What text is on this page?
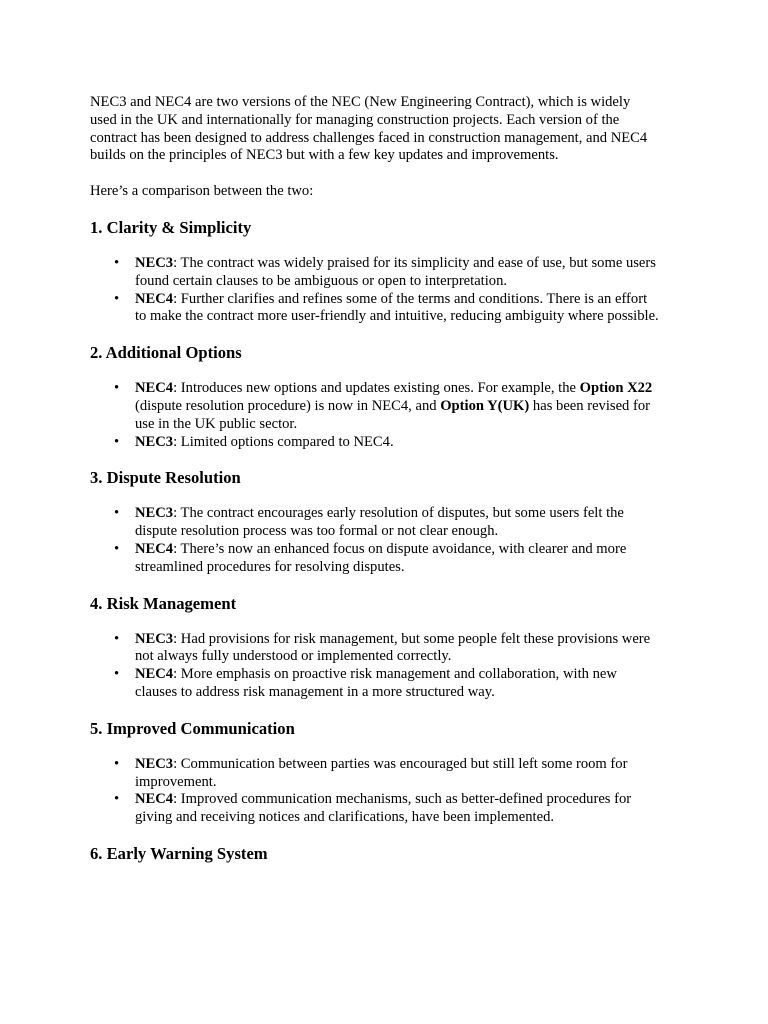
NEC3 and NEC4 are two versions of the NEC (New Engineering Contract), which is widely
used in the UK and internationally for managing construction projects. Each version of the
contract has been designed to address challenges faced in construction management, and NEC4
builds on the principles of NEC3 but with a few key updates and improvements.

Here’s a comparison between the two:

1. Clarity & Simplicity
• NEC3: The contract was widely praised for its simplicity and ease of use, but some users
found certain clauses to be ambiguous or open to interpretation.
• NEC4: Further clarifies and refines some of the terms and conditions. There is an effort
to make the contract more user-friendly and intuitive, reducing ambiguity where possible.
2. Additional Options
• NEC4: Introduces new options and updates existing ones. For example, the Option X22
(dispute resolution procedure) is now in NEC4, and Option Y(UK) has been revised for
use in the UK public sector.
• NEC3: Limited options compared to NEC4.
3. Dispute Resolution
• NEC3: The contract encourages early resolution of disputes, but some users felt the
dispute resolution process was too formal or not clear enough.
• NEC4: There’s now an enhanced focus on dispute avoidance, with clearer and more
streamlined procedures for resolving disputes.
4. Risk Management
• NEC3: Had provisions for risk management, but some people felt these provisions were
not always fully understood or implemented correctly.
• NEC4: More emphasis on proactive risk management and collaboration, with new
clauses to address risk management in a more structured way.
5. Improved Communication
• NEC3: Communication between parties was encouraged but still left some room for
improvement.
• NEC4: Improved communication mechanisms, such as better-defined procedures for
giving and receiving notices and clarifications, have been implemented.
6. Early Warning System
